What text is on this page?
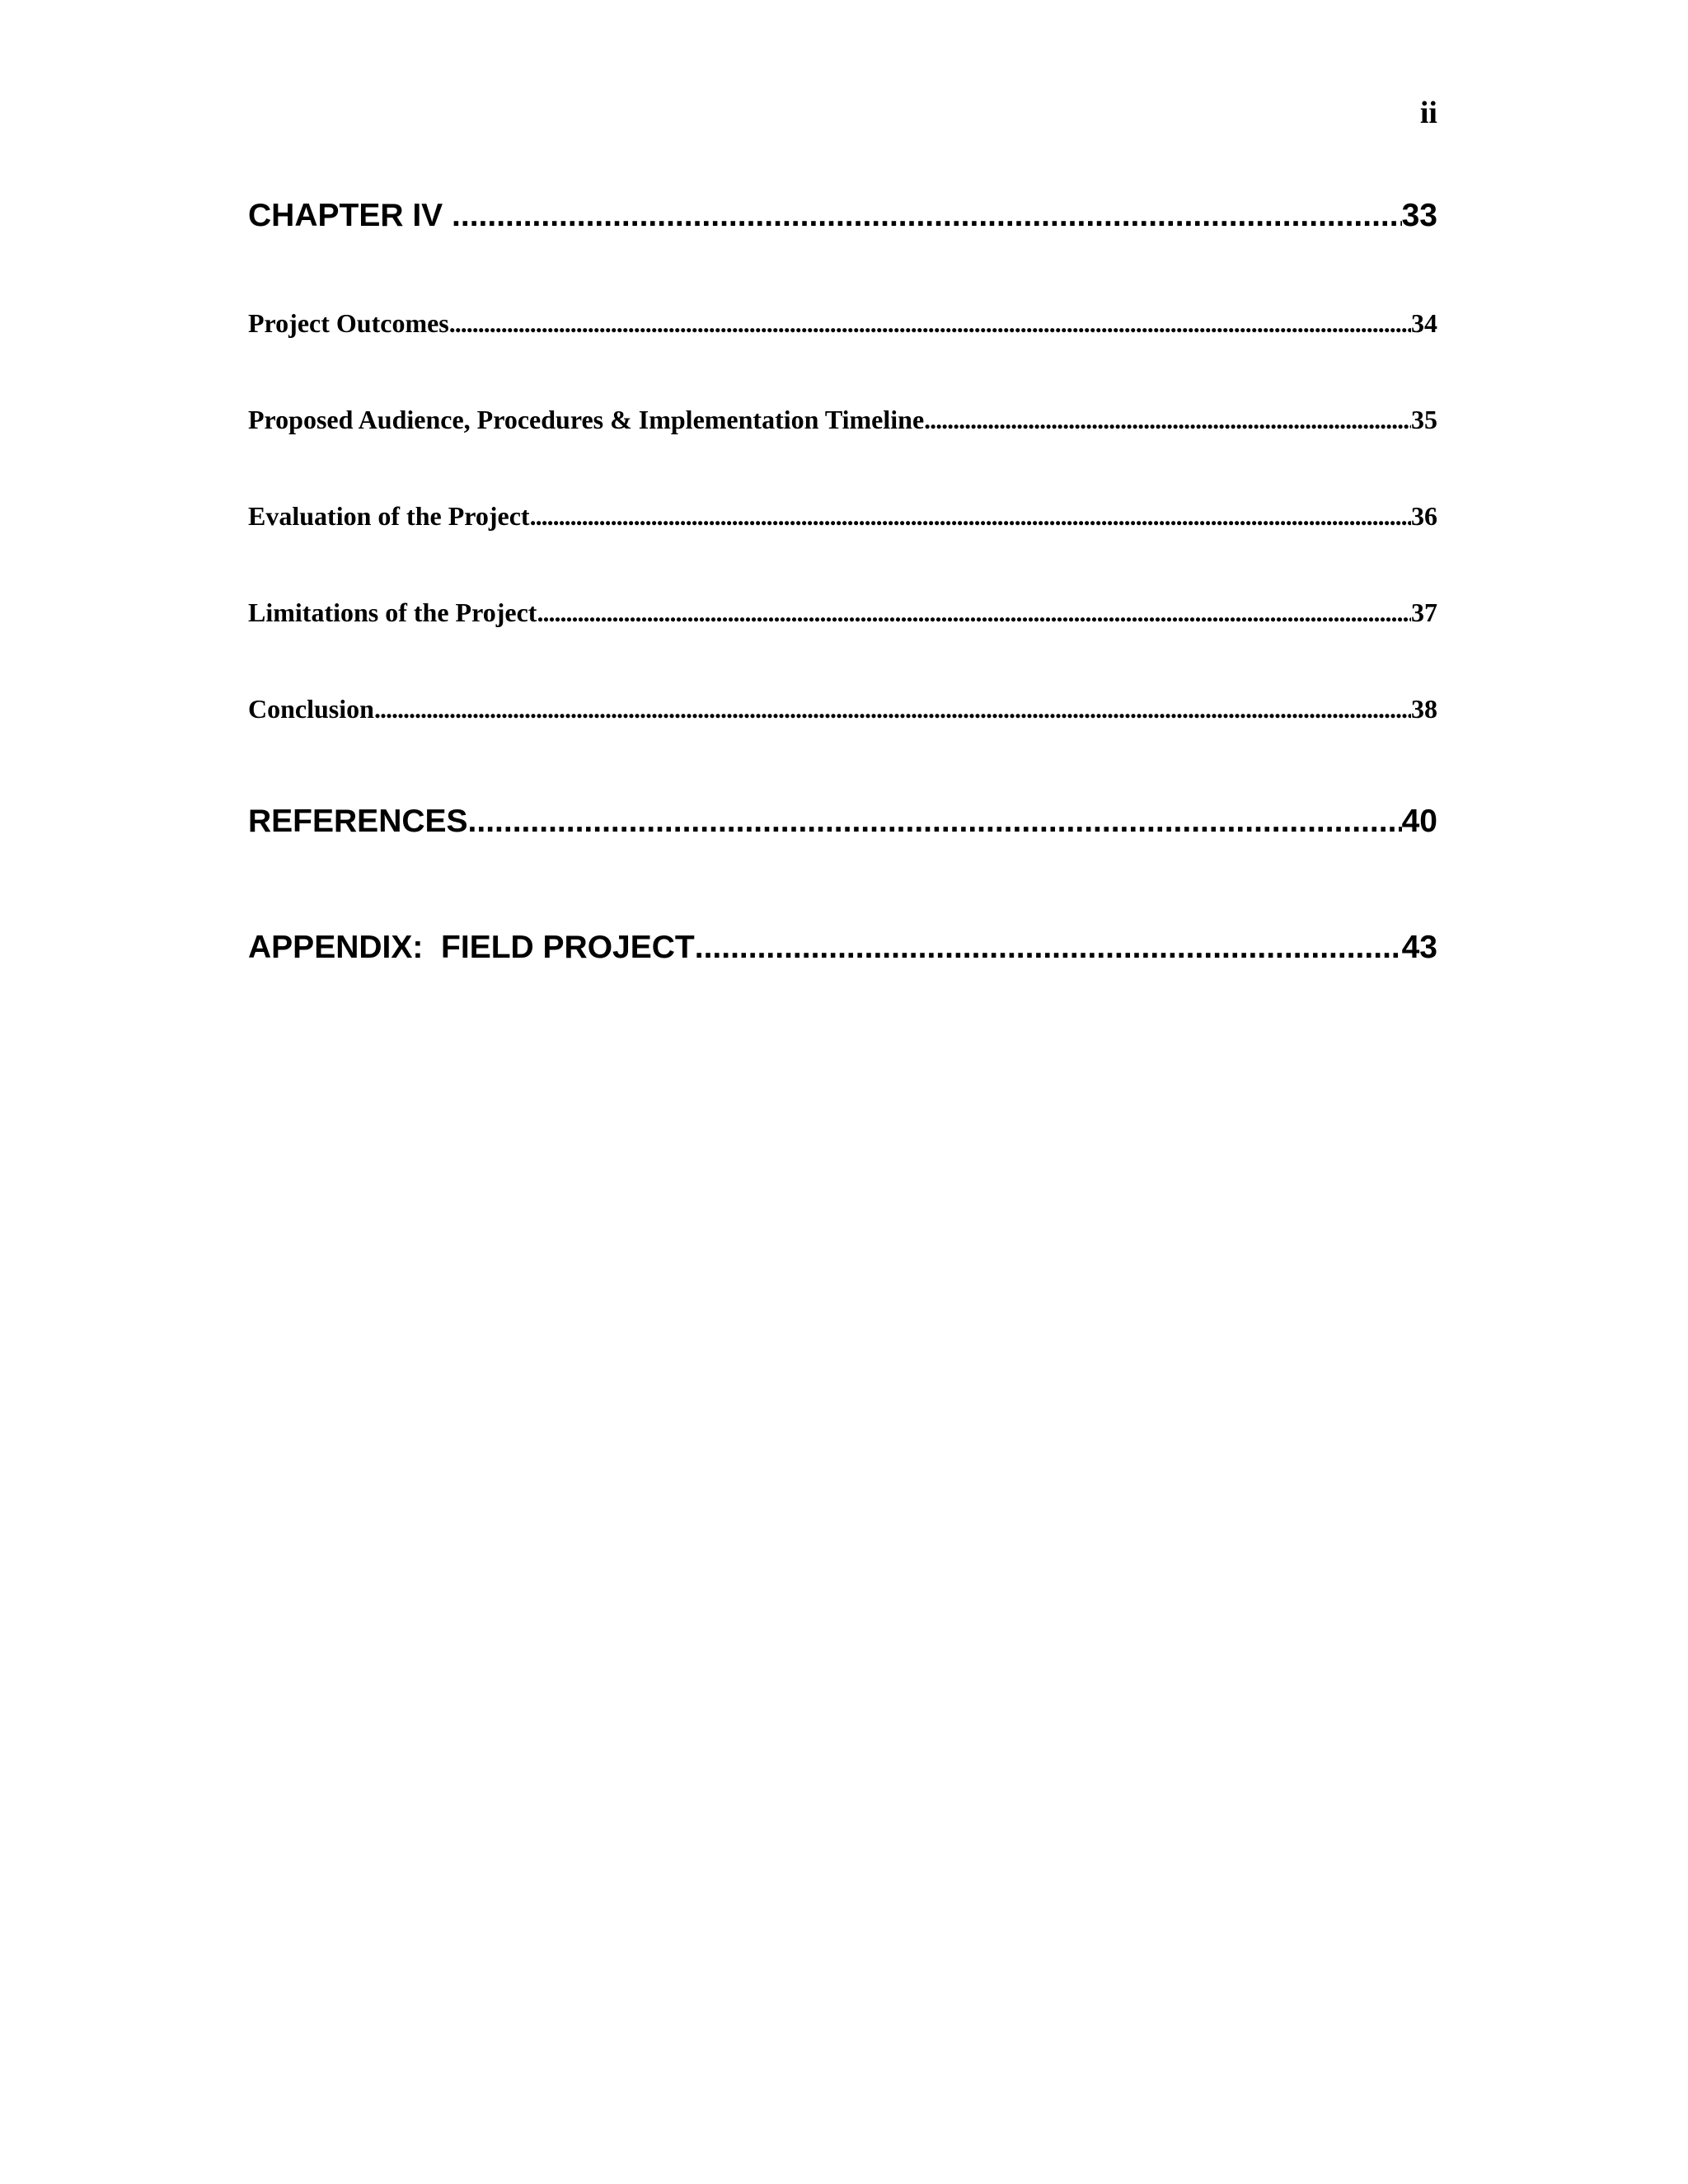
ii
CHAPTER IV .....	33
Project Outcomes .....	34
Proposed Audience, Procedures & Implementation Timeline .....	35
Evaluation of the Project .....	36
Limitations of the Project .....	37
Conclusion .....	38
REFERENCES .....	40
APPENDIX:  FIELD PROJECT .....	43
